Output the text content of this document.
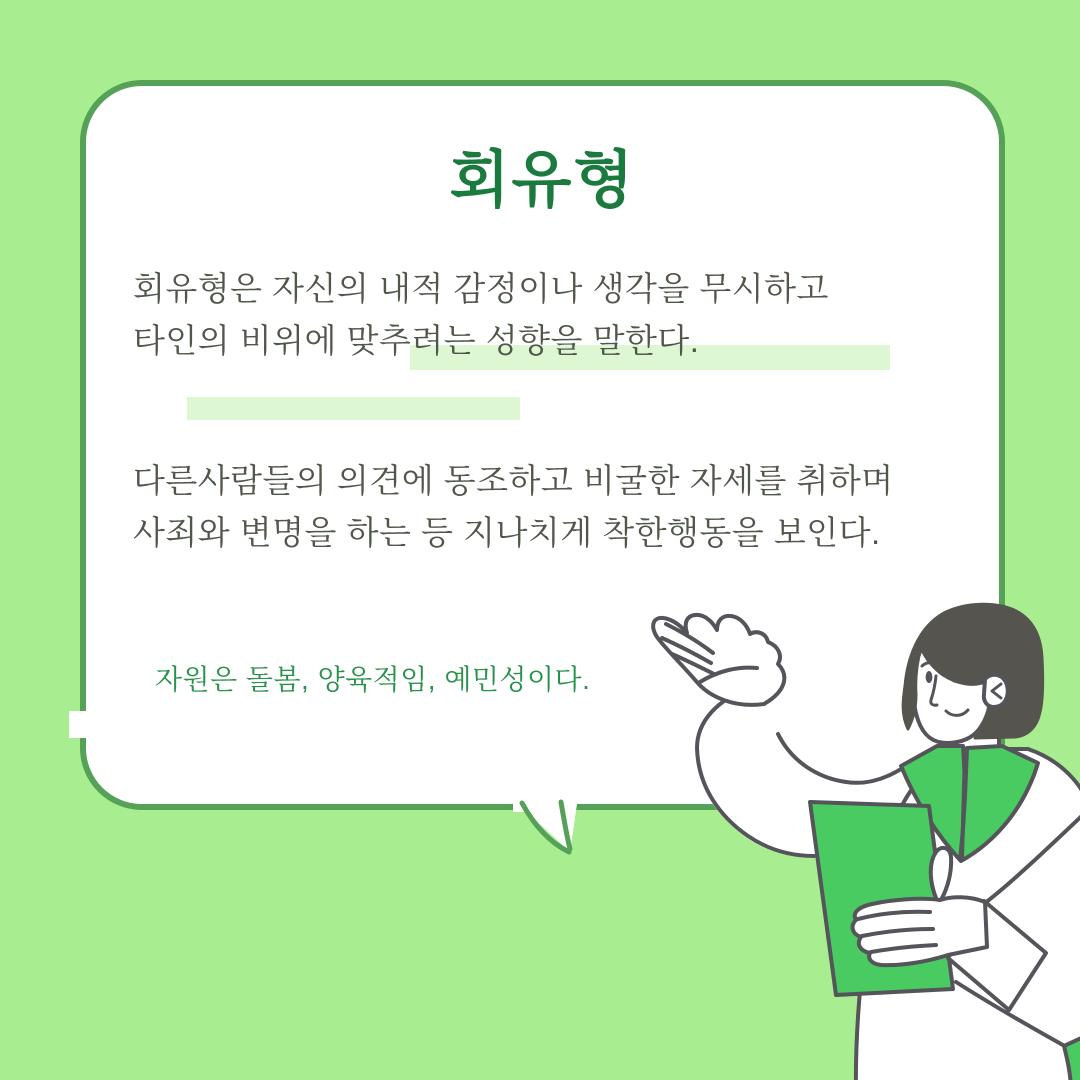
회유형
회유형은 자신의 내적 감정이나 생각을 무시하고
타인의 비위에 맞추려는 성향을 말한다.
다른사람들의 의견에 동조하고 비굴한 자세를 취하며
사죄와 변명을 하는 등 지나치게 착한행동을 보인다.
자원은 돌봄, 양육적임, 예민성이다.
